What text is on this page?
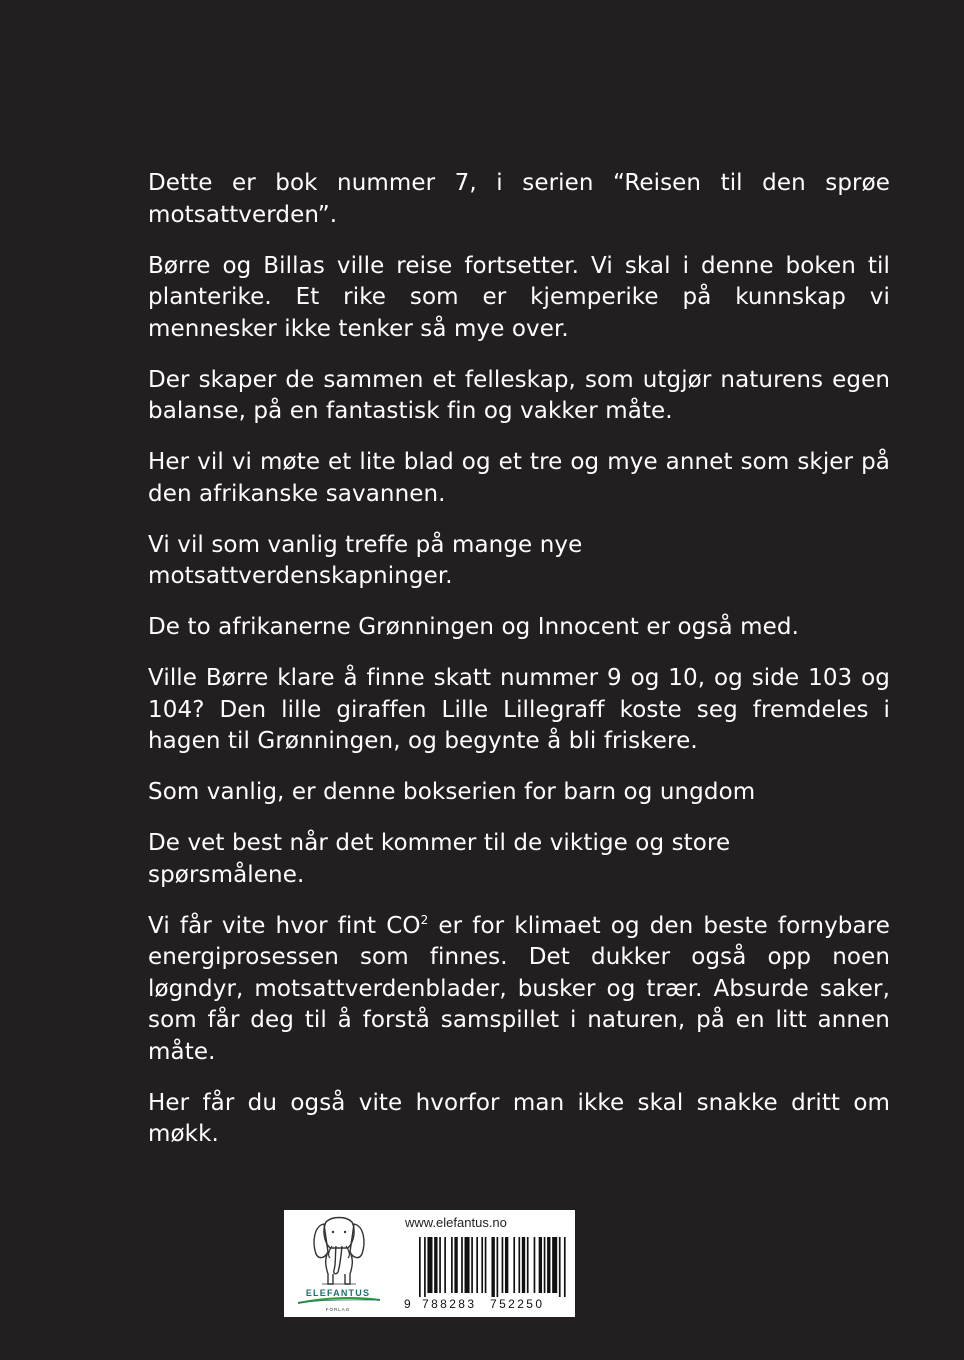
Dette er bok nummer 7, i serien “Reisen til den sprøe motsattverden”.

Børre og Billas ville reise fortsetter. Vi skal i denne boken til planterike. Et rike som er kjemperike på kunnskap vi mennesker ikke tenker så mye over.

Der skaper de sammen et felleskap, som utgjør naturens egen balanse, på en fantastisk fin og vakker måte.

Her vil vi møte et lite blad og et tre og mye annet som skjer på den afrikanske savannen.

Vi vil som vanlig treffe på mange nye motsattverdenskapninger.

De to afrikanerne Grønningen og Innocent er også med.

Ville Børre klare å finne skatt nummer 9 og 10, og side 103 og 104? Den lille giraffen Lille Lillegraff koste seg fremdeles i hagen til Grønningen, og begynte å bli friskere.

Som vanlig, er denne bokserien for barn og ungdom

De vet best når det kommer til de viktige og store spørsmålene.

Vi får vite hvor fint $CO^2$ er for klimaet og den beste fornybare energiprosessen som finnes. Det dukker også opp noen løgndyr, motsattverdenblader, busker og trær. Absurde saker, som får deg til å forstå samspillet i naturen, på en litt annen måte.

Her får du også vite hvorfor man ikke skal snakke dritt om møkk.

ELEFANTUS
FORLAG
www.elefantus.no
9 788283 752250
